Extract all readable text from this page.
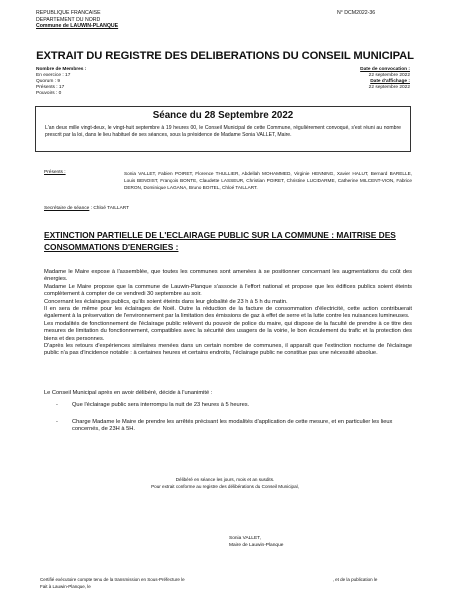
REPUBLIQUE FRANCAISE
DEPARTEMENT DU NORD
Commune de LAUWIN-PLANQUE
N° DCM2022-36
EXTRAIT DU REGISTRE DES DELIBERATIONS DU CONSEIL MUNICIPAL
Nombre de Membres :
En exercice : 17
Quorum : 9
Présents : 17
Pouvoirs : 0
Date de convocation :
22 septembre 2022
Date d'affichage :
22 septembre 2022
Séance du 28 Septembre 2022
L'an deux mille vingt-deux, le vingt-huit septembre à 19 heures 00, le Conseil Municipal de cette Commune, régulièrement convoqué, s'est réuni au nombre prescrit par la loi, dans le lieu habituel de ses séances, sous la présidence de Madame Sonia VALLET, Maire.
Présents :	Sonia VALLET, Fabien POIRET, Florence THULLIER, Abdellah MOHAMMED, Virginie HENNING, Xavier HALUT, Bernard BARELLE, Louis BENOIST, François BONTE, Claudette LASSEUR, Christian POIRET, Christine LUCIDARME, Catherine MILCENT-VION, Fabrice DERON, Dominique LAGANA, Bruno BOITEL, Chloé TAILLART.
Secrétaire de séance : Chloé TAILLART
EXTINCTION PARTIELLE DE L'ECLAIRAGE PUBLIC SUR LA COMMUNE : MAITRISE DES CONSOMMATIONS D'ENERGIES :

Madame le Maire expose à l'assemblée, que toutes les communes sont amenées à se positionner concernant les augmentations du coût des énergies.

Madame Le Maire propose que la commune de Lauwin-Planque s'associe à l'effort national et propose que les édifices publics soient éteints complètement à compter de ce vendredi 30 septembre au soir.

Concernant les éclairages publics, qu'ils soient éteints dans leur globalité de 23 h à 5 h du matin.

Il en sera de même pour les éclairages de Noël. Outre la réduction de la facture de consommation d'électricité, cette action contribuerait également à la préservation de l'environnement par la limitation des émissions de gaz à effet de serre et la lutte contre les nuisances lumineuses.

Les modalités de fonctionnement de l'éclairage public relèvent du pouvoir de police du maire, qui dispose de la faculté de prendre à ce titre des mesures de limitation du fonctionnement, compatibles avec la sécurité des usagers de la voirie, le bon écoulement du trafic et la protection des biens et des personnes.

D'après les retours d'expériences similaires menées dans un certain nombre de communes, il apparaît que l'extinction nocturne de l'éclairage public n'a pas d'incidence notable : à certaines heures et certains endroits, l'éclairage public ne constitue pas une nécessité absolue.

Le Conseil Municipal après en avoir délibéré, décide à l'unanimité :
- Que l'éclairage public sera interrompu la nuit de 23 heures à 5 heures.
- Charge Madame le Maire de prendre les arrêtés précisant les modalités d'application de cette mesure, et en particulier les lieux concernés, de 23H à 5H.
Délibéré en séance les jours, mois et an susdits.
Pour extrait conforme au registre des délibérations du Conseil Municipal,
Sonia VALLET,
Maire de Lauwin-Planque
Certifié exécutoire compte tenu de la transmission en Sous-Préfecture le	, et de la publication le
Fait à Lauwin-Planque, le
